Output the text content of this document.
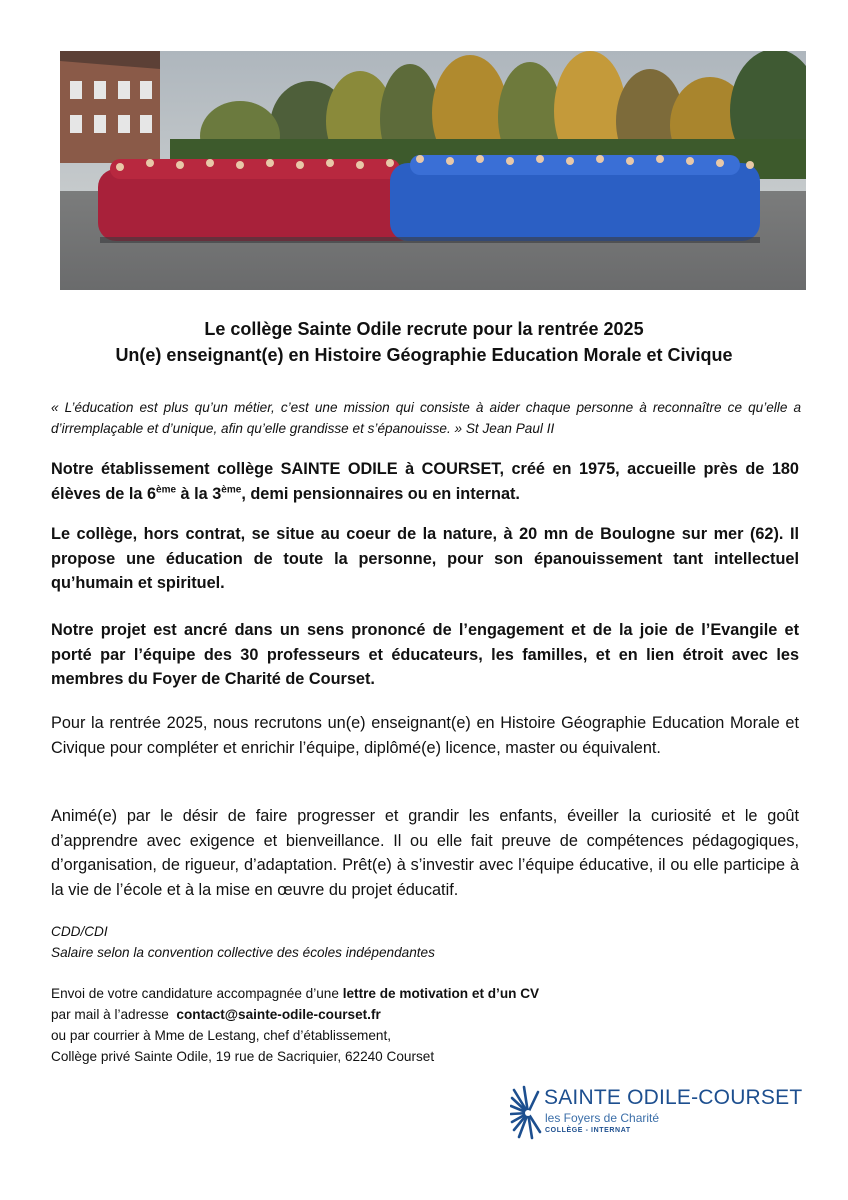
Le collège Sainte Odile recrute pour la rentrée 2025
Un(e) enseignant(e) en Histoire Géographie Education Morale et Civique
« L’éducation est plus qu’un métier, c’est une mission qui consiste à aider chaque personne à reconnaître ce qu’elle a d’irremplaçable et d’unique, afin qu’elle grandisse et s’épanouisse. » St Jean Paul II
Notre établissement collège SAINTE ODILE à COURSET, créé en 1975, accueille près de 180 élèves de la 6ème à la 3ème, demi pensionnaires ou en internat.
Le collège, hors contrat, se situe au coeur de la nature, à 20 mn de Boulogne sur mer (62). Il propose une éducation de toute la personne, pour son épanouissement tant intellectuel qu’humain et spirituel.
Notre projet est ancré dans un sens prononcé de l’engagement et de la joie de l’Evangile et porté par l’équipe des 30 professeurs et éducateurs, les familles, et en lien étroit avec les membres du Foyer de Charité de Courset.
Pour la rentrée 2025, nous recrutons un(e) enseignant(e) en Histoire Géographie Education Morale et Civique pour compléter et enrichir l’équipe, diplômé(e) licence, master ou équivalent.
Animé(e) par le désir de faire progresser et grandir les enfants, éveiller la curiosité et le goût d’apprendre avec exigence et bienveillance. Il ou elle fait preuve de compétences pédagogiques, d’organisation, de rigueur, d’adaptation. Prêt(e) à s’investir avec l’équipe éducative, il ou elle participe à la vie de l’école et à la mise en œuvre du projet éducatif.
CDD/CDI
Salaire selon la convention collective des écoles indépendantes
Envoi de votre candidature accompagnée d’une lettre de motivation et d’un CV
par mail à l’adresse  contact@sainte-odile-courset.fr
ou par courrier à Mme de Lestang, chef d’établissement,
Collège privé Sainte Odile, 19 rue de Sacriquier, 62240 Courset
SAINTE ODILE-COURSET
les Foyers de Charité
COLLÈGE - INTERNAT
